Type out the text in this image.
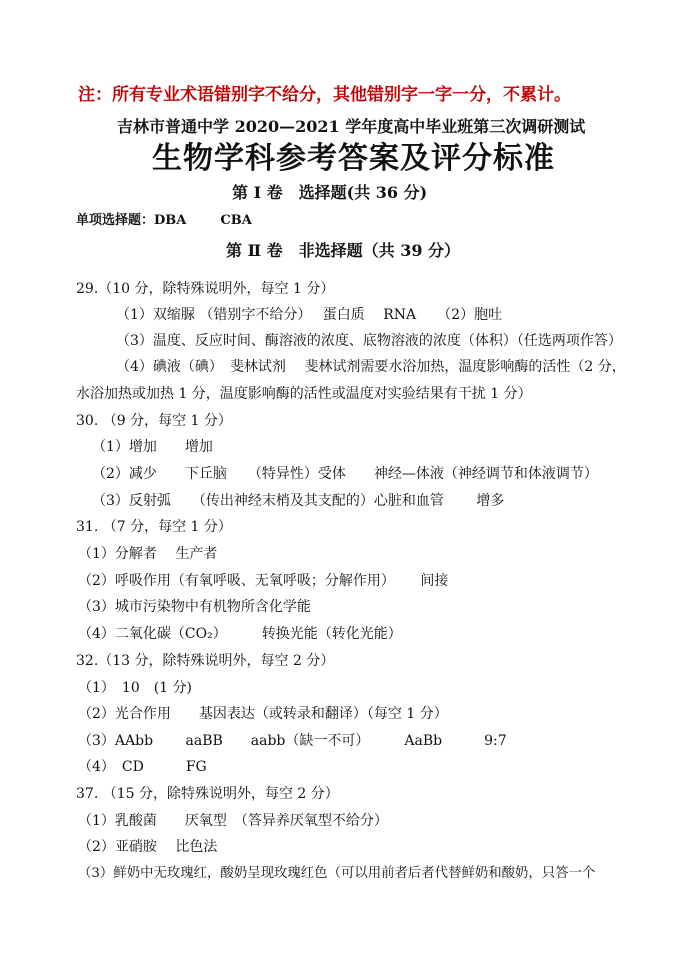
注：所有专业术语错别字不给分，其他错别字一字一分，不累计。
吉林市普通中学 2020—2021 学年度高中毕业班第三次调研测试
生物学科参考答案及评分标准
第 Ⅰ 卷　选择题(共 36 分)
单项选择题：DBA	CBA
第 Ⅱ 卷　非选择题（共 39 分）
29.（10 分，除特殊说明外，每空 1 分）
（1）双缩脲 （错别字不给分）　 蛋白质　 RNA　　（2）胞吐
（3）温度、反应时间、酶溶液的浓度、底物溶液的浓度（体积）（任选两项作答）
（4）碘液（碘）　斐林试剂　 斐林试剂需要水浴加热，温度影响酶的活性（2 分，
水浴加热或加热 1 分，温度影响酶的活性或温度对实验结果有干扰 1 分）
30. （9 分，每空 1 分）
（1）增加　　增加
（2）减少　　下丘脑　　（特异性）受体　　神经—体液（神经调节和体液调节）
（3）反射弧　　（传出神经末梢及其支配的）心脏和血管　　 增多
31. （7 分，每空 1 分）
（1）分解者　 生产者
（2）呼吸作用（有氧呼吸、无氧呼吸；分解作用）　　 间接
（3）城市污染物中有机物所含化学能
（4）二氧化碳（CO₂）　　　转换光能（转化光能）
32.（13 分，除特殊说明外，每空 2 分）
（1）　10　(1 分)
（2）光合作用　　基因表达（或转录和翻译）（每空 1 分）
（3）AAbb　　 aaBB　　aabb（缺一不可）　　　AaBb　　　9:7
（4）　CD　　　FG
37. （15 分，除特殊说明外，每空 2 分）
（1）乳酸菌　　厌氧型　（答异养厌氧型不给分）
（2）亚硝胺　 比色法
（3）鲜奶中无玫瑰红，酸奶呈现玫瑰红色（可以用前者后者代替鲜奶和酸奶，只答一个
